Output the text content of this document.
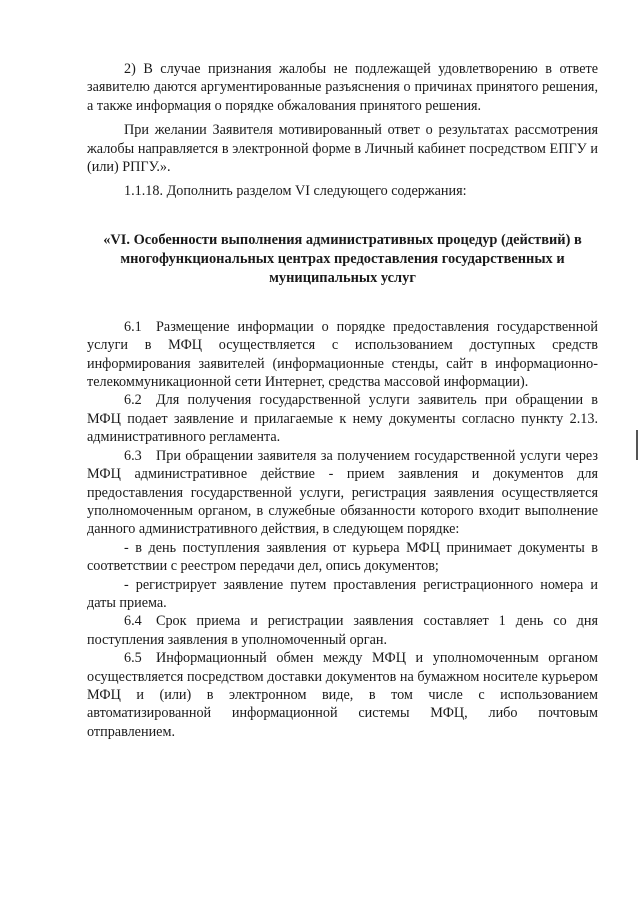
2) В случае признания жалобы не подлежащей удовлетворению в ответе заявителю даются аргументированные разъяснения о причинах принятого решения, а также информация о порядке обжалования принятого решения.

При желании Заявителя мотивированный ответ о результатах рассмотрения жалобы направляется в электронной форме в Личный кабинет посредством ЕПГУ и (или) РПГУ.».

1.1.18. Дополнить разделом VI следующего содержания:

«VI. Особенности выполнения административных процедур (действий) в многофункциональных центрах предоставления государственных и муниципальных услуг

6.1 Размещение информации о порядке предоставления государственной услуги в МФЦ осуществляется с использованием доступных средств информирования заявителей (информационные стенды, сайт в информационно-телекоммуникационной сети Интернет, средства массовой информации).

6.2 Для получения государственной услуги заявитель при обращении в МФЦ подает заявление и прилагаемые к нему документы согласно пункту 2.13. административного регламента.

6.3 При обращении заявителя за получением государственной услуги через МФЦ административное действие - прием заявления и документов для предоставления государственной услуги, регистрация заявления осуществляется уполномоченным органом, в служебные обязанности которого входит выполнение данного административного действия, в следующем порядке:

- в день поступления заявления от курьера МФЦ принимает документы в соответствии с реестром передачи дел, опись документов;

- регистрирует заявление путем проставления регистрационного номера и даты приема.

6.4 Срок приема и регистрации заявления составляет 1 день со дня поступления заявления в уполномоченный орган.

6.5 Информационный обмен между МФЦ и уполномоченным органом осуществляется посредством доставки документов на бумажном носителе курьером МФЦ и (или) в электронном виде, в том числе с использованием автоматизированной информационной системы МФЦ, либо почтовым отправлением.
